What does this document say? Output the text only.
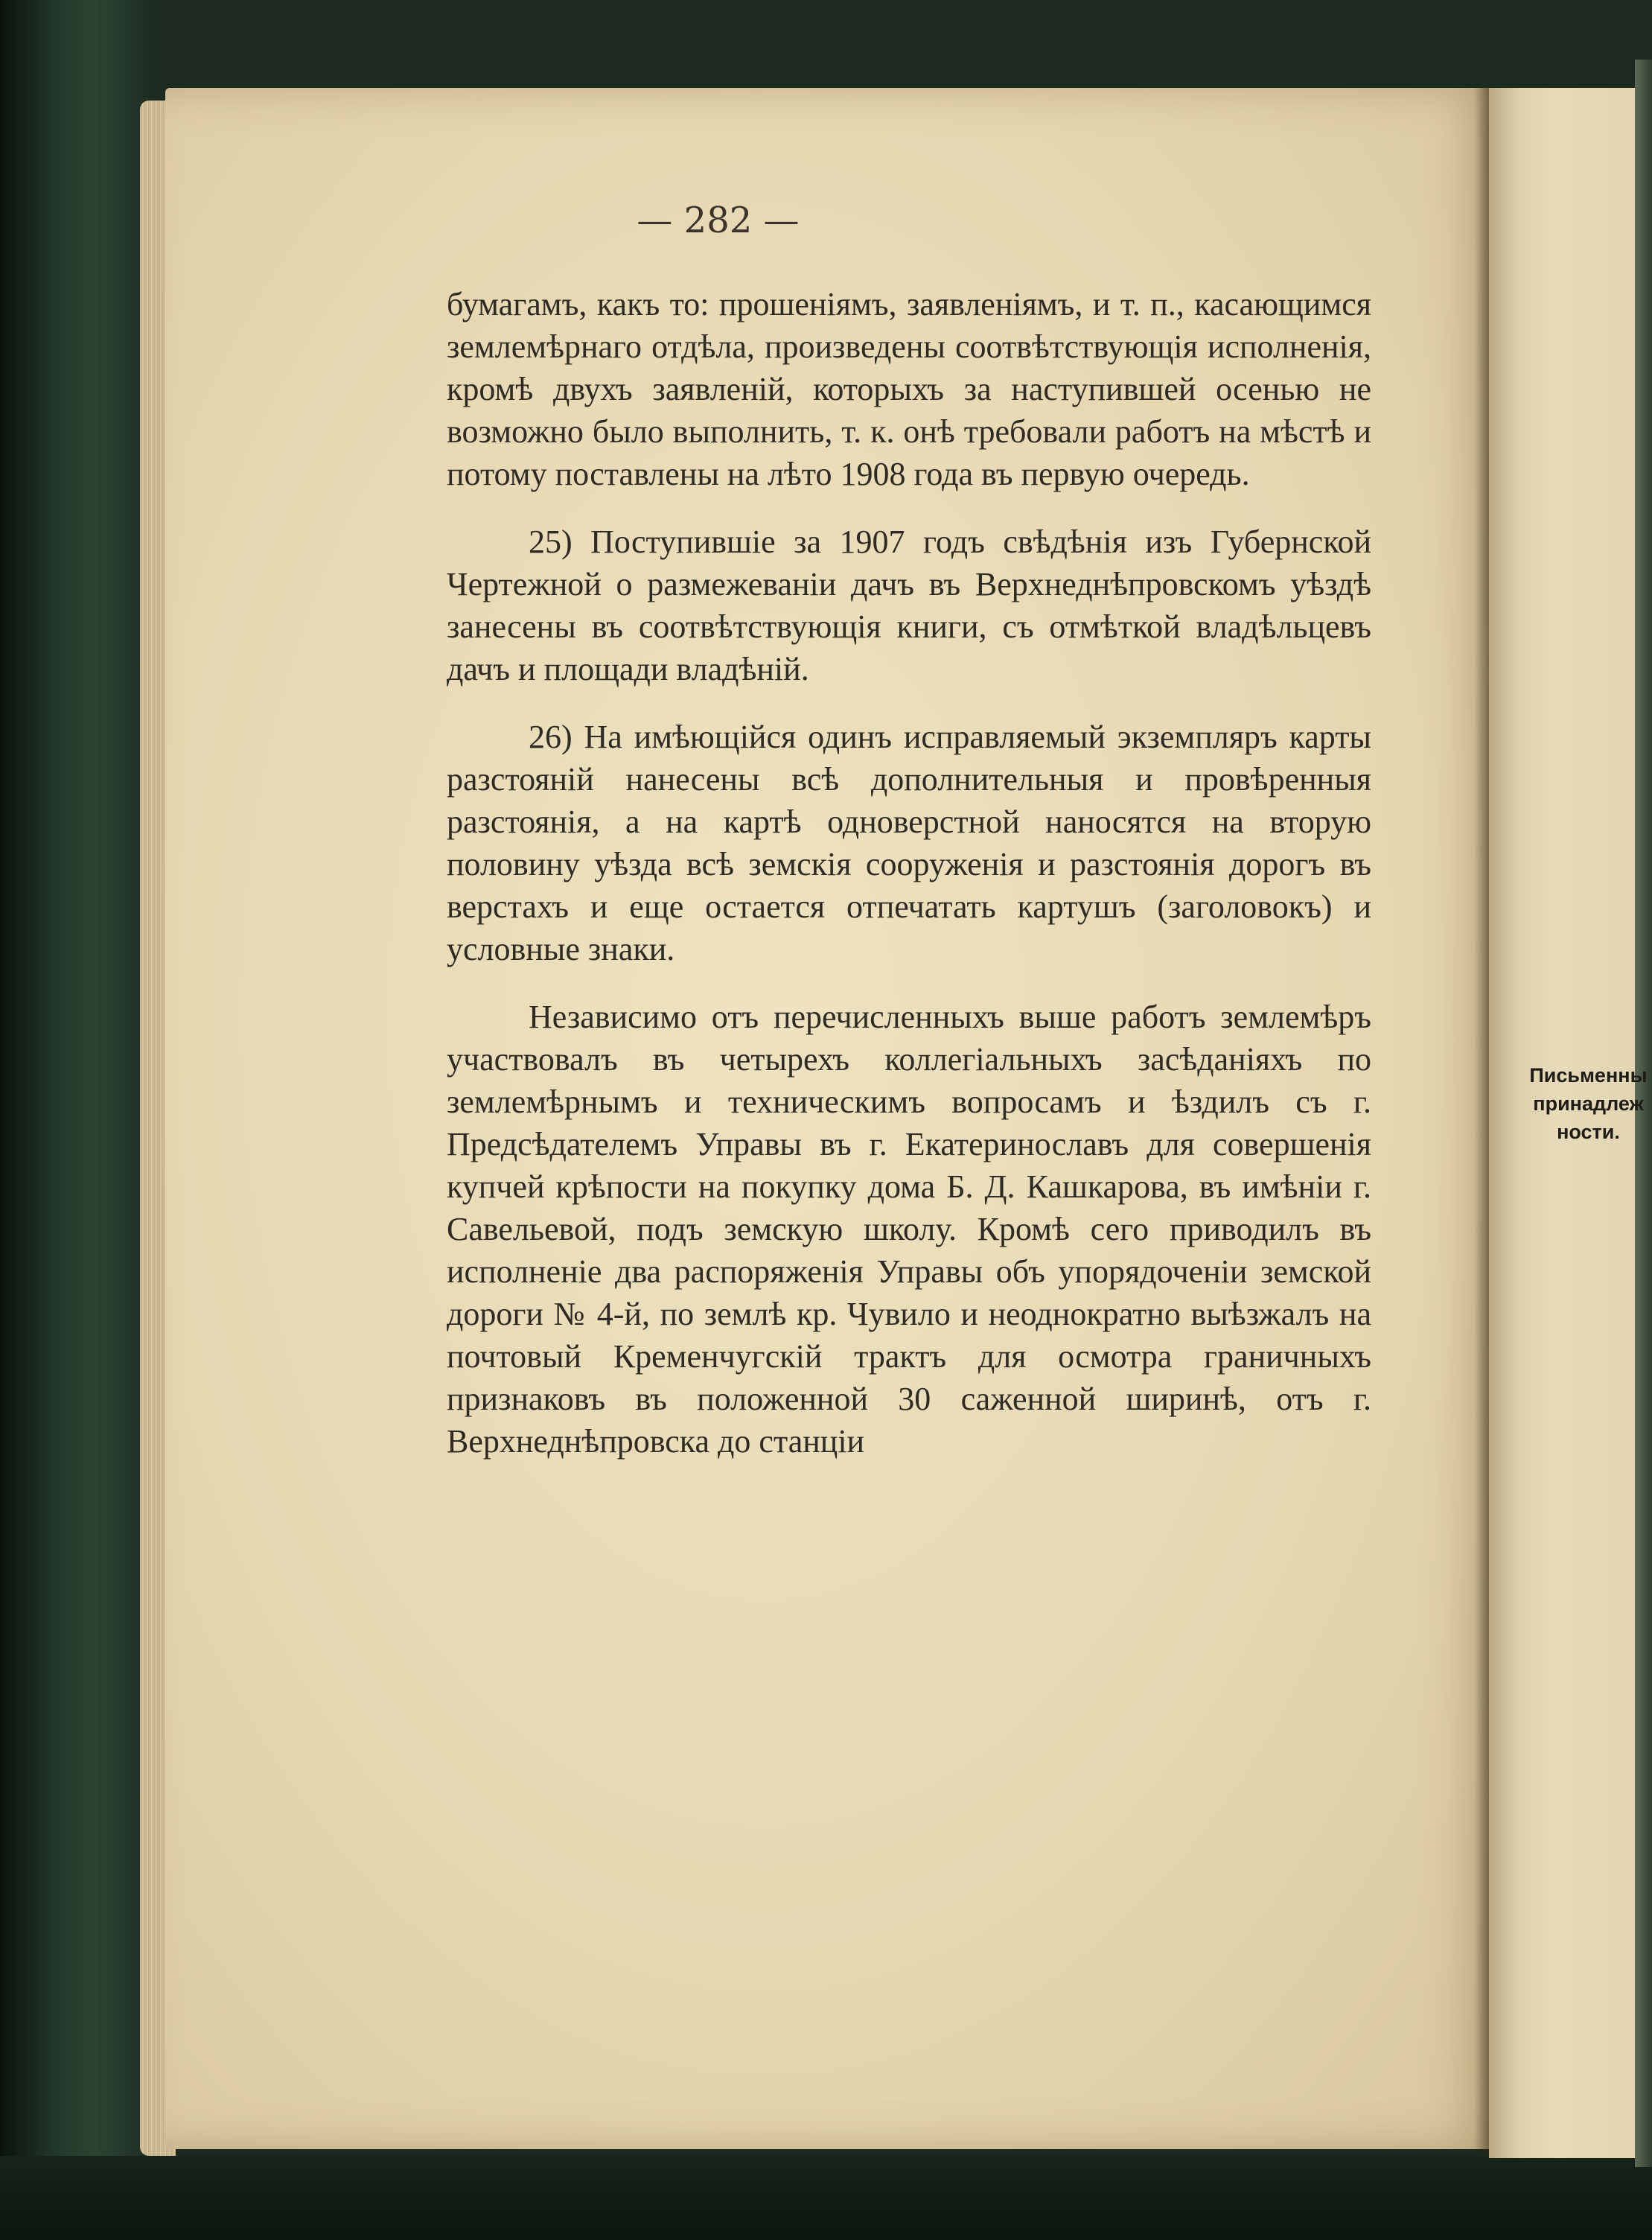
— 282 —

бумагамъ, какъ то: прошеніямъ, заявленіямъ, и т. п., касающимся землемѣрнаго отдѣла, произведены соотвѣтствующія исполненія, кромѣ двухъ заявленій, которыхъ за наступившей осенью не возможно было выполнить, т. к. онѣ требовали работъ на мѣстѣ и потому поставлены на лѣто 1908 года въ первую очередь.

25) Поступившіе за 1907 годъ свѣдѣнія изъ Губернской Чертежной о размежеваніи дачъ въ Верхнеднѣпровскомъ уѣздѣ занесены въ соотвѣтствующія книги, съ отмѣткой владѣльцевъ дачъ и площади владѣній.

26) На имѣющійся одинъ исправляемый экземпляръ карты разстояній нанесены всѣ дополнительныя и провѣренныя разстоянія, а на картѣ одноверстной наносятся на вторую половину уѣзда всѣ земскія сооруженія и разстоянія дорогъ въ верстахъ и еще остается отпечатать картушъ (заголовокъ) и условные знаки.

Независимо отъ перечисленныхъ выше работъ землемѣръ участвовалъ въ четырехъ коллегіальныхъ засѣданіяхъ по землемѣрнымъ и техническимъ вопросамъ и ѣздилъ съ г. Предсѣдателемъ Управы въ г. Екатеринославъ для совершенія купчей крѣпости на покупку дома Б. Д. Кашкарова, въ имѣніи г. Савельевой, подъ земскую школу. Кромѣ сего приводилъ въ исполненіе два распоряженія Управы объ упорядоченіи земской дороги № 4-й, по землѣ кр. Чувило и неоднократно выѣзжалъ на почтовый Кременчугскій трактъ для осмотра граничныхъ признаковъ въ положенной 30 саженной ширинѣ, отъ г. Верхнеднѣпровска до станціи

Письменны принадлеж ности.
